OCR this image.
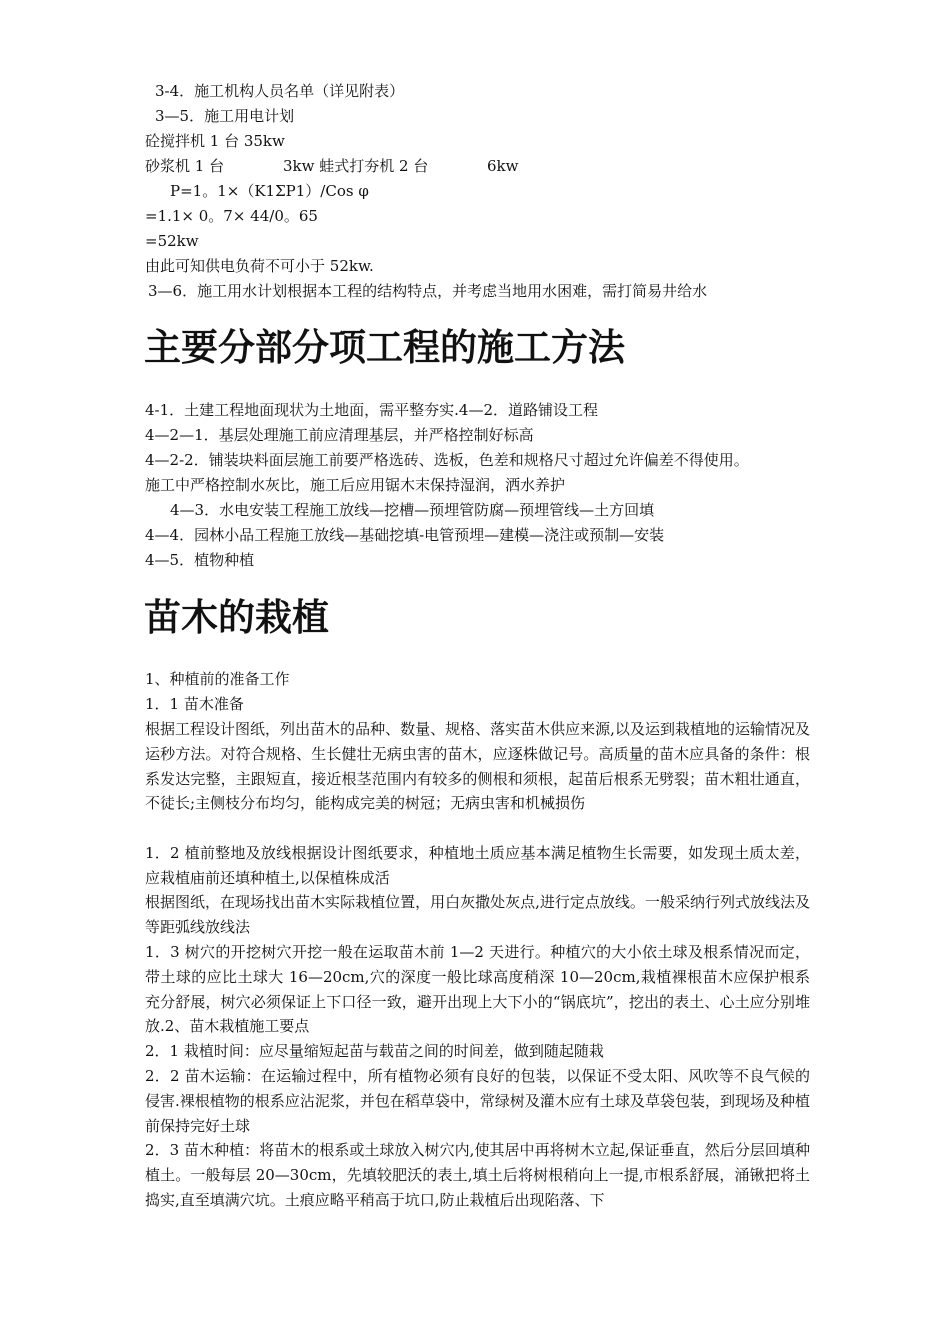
3-4．施工机构人员名单（详见附表）
3—5．施工用电计划
砼搅拌机 1 台 35kw
砂浆机 1 台	3kw 蛙式打夯机 2 台	6kw
P=1。1×（K1ΣP1）/Cos φ
=1.1× 0。7× 44/0。65
=52kw
由此可知供电负荷不可小于 52kw.
3—6．施工用水计划根据本工程的结构特点，并考虑当地用水困难，需打简易井给水
主要分部分项工程的施工方法
4-1．土建工程地面现状为土地面，需平整夯实.4—2．道路铺设工程
4—2—1．基层处理施工前应清理基层，并严格控制好标高
4—2-2．铺装块料面层施工前要严格选砖、选板，色差和规格尺寸超过允许偏差不得使用。
施工中严格控制水灰比，施工后应用锯木末保持湿润，洒水养护
4—3．水电安装工程施工放线—挖槽—预埋管防腐—预埋管线—土方回填
4—4．园林小品工程施工放线—基础挖填-电管预埋—建模—浇注或预制—安装
4—5．植物种植
苗木的栽植
1、种植前的准备工作
1．1 苗木准备
根据工程设计图纸，列出苗木的品种、数量、规格、落实苗木供应来源,以及运到栽植地的运输情况及运秒方法。对符合规格、生长健壮无病虫害的苗木，应逐株做记号。高质量的苗木应具备的条件：根系发达完整，主跟短直，接近根茎范围内有较多的侧根和须根，起苗后根系无劈裂；苗木粗壮通直，不徒长;主侧枝分布均匀，能构成完美的树冠；无病虫害和机械损伤
1．2 植前整地及放线根据设计图纸要求，种植地土质应基本满足植物生长需要，如发现土质太差，应栽植庙前还填种植土,以保植株成活
根据图纸，在现场找出苗木实际栽植位置，用白灰撒处灰点,进行定点放线。一般采纳行列式放线法及等距弧线放线法
1．3 树穴的开挖树穴开挖一般在运取苗木前 1—2 天进行。种植穴的大小依土球及根系情况而定，带土球的应比土球大 16—20cm,穴的深度一般比球高度稍深 10—20cm,栽植裸根苗木应保护根系充分舒展，树穴必须保证上下口径一致，避开出现上大下小的“锅底坑”，挖出的表土、心土应分别堆放.2、苗木栽植施工要点
2．1 栽植时间：应尽量缩短起苗与载苗之间的时间差，做到随起随栽
2．2 苗木运输：在运输过程中，所有植物必须有良好的包装，以保证不受太阳、风吹等不良气候的侵害.裸根植物的根系应沾泥浆，并包在稻草袋中，常绿树及灌木应有土球及草袋包装，到现场及种植前保持完好土球
2．3 苗木种植：将苗木的根系或土球放入树穴内,使其居中再将树木立起,保证垂直，然后分层回填种植土。一般每层 20—30cm，先填较肥沃的表土,填土后将树根稍向上一提,市根系舒展，涌锹把将土捣实,直至填满穴坑。土痕应略平稍高于坑口,防止栽植后出现陷落、下
